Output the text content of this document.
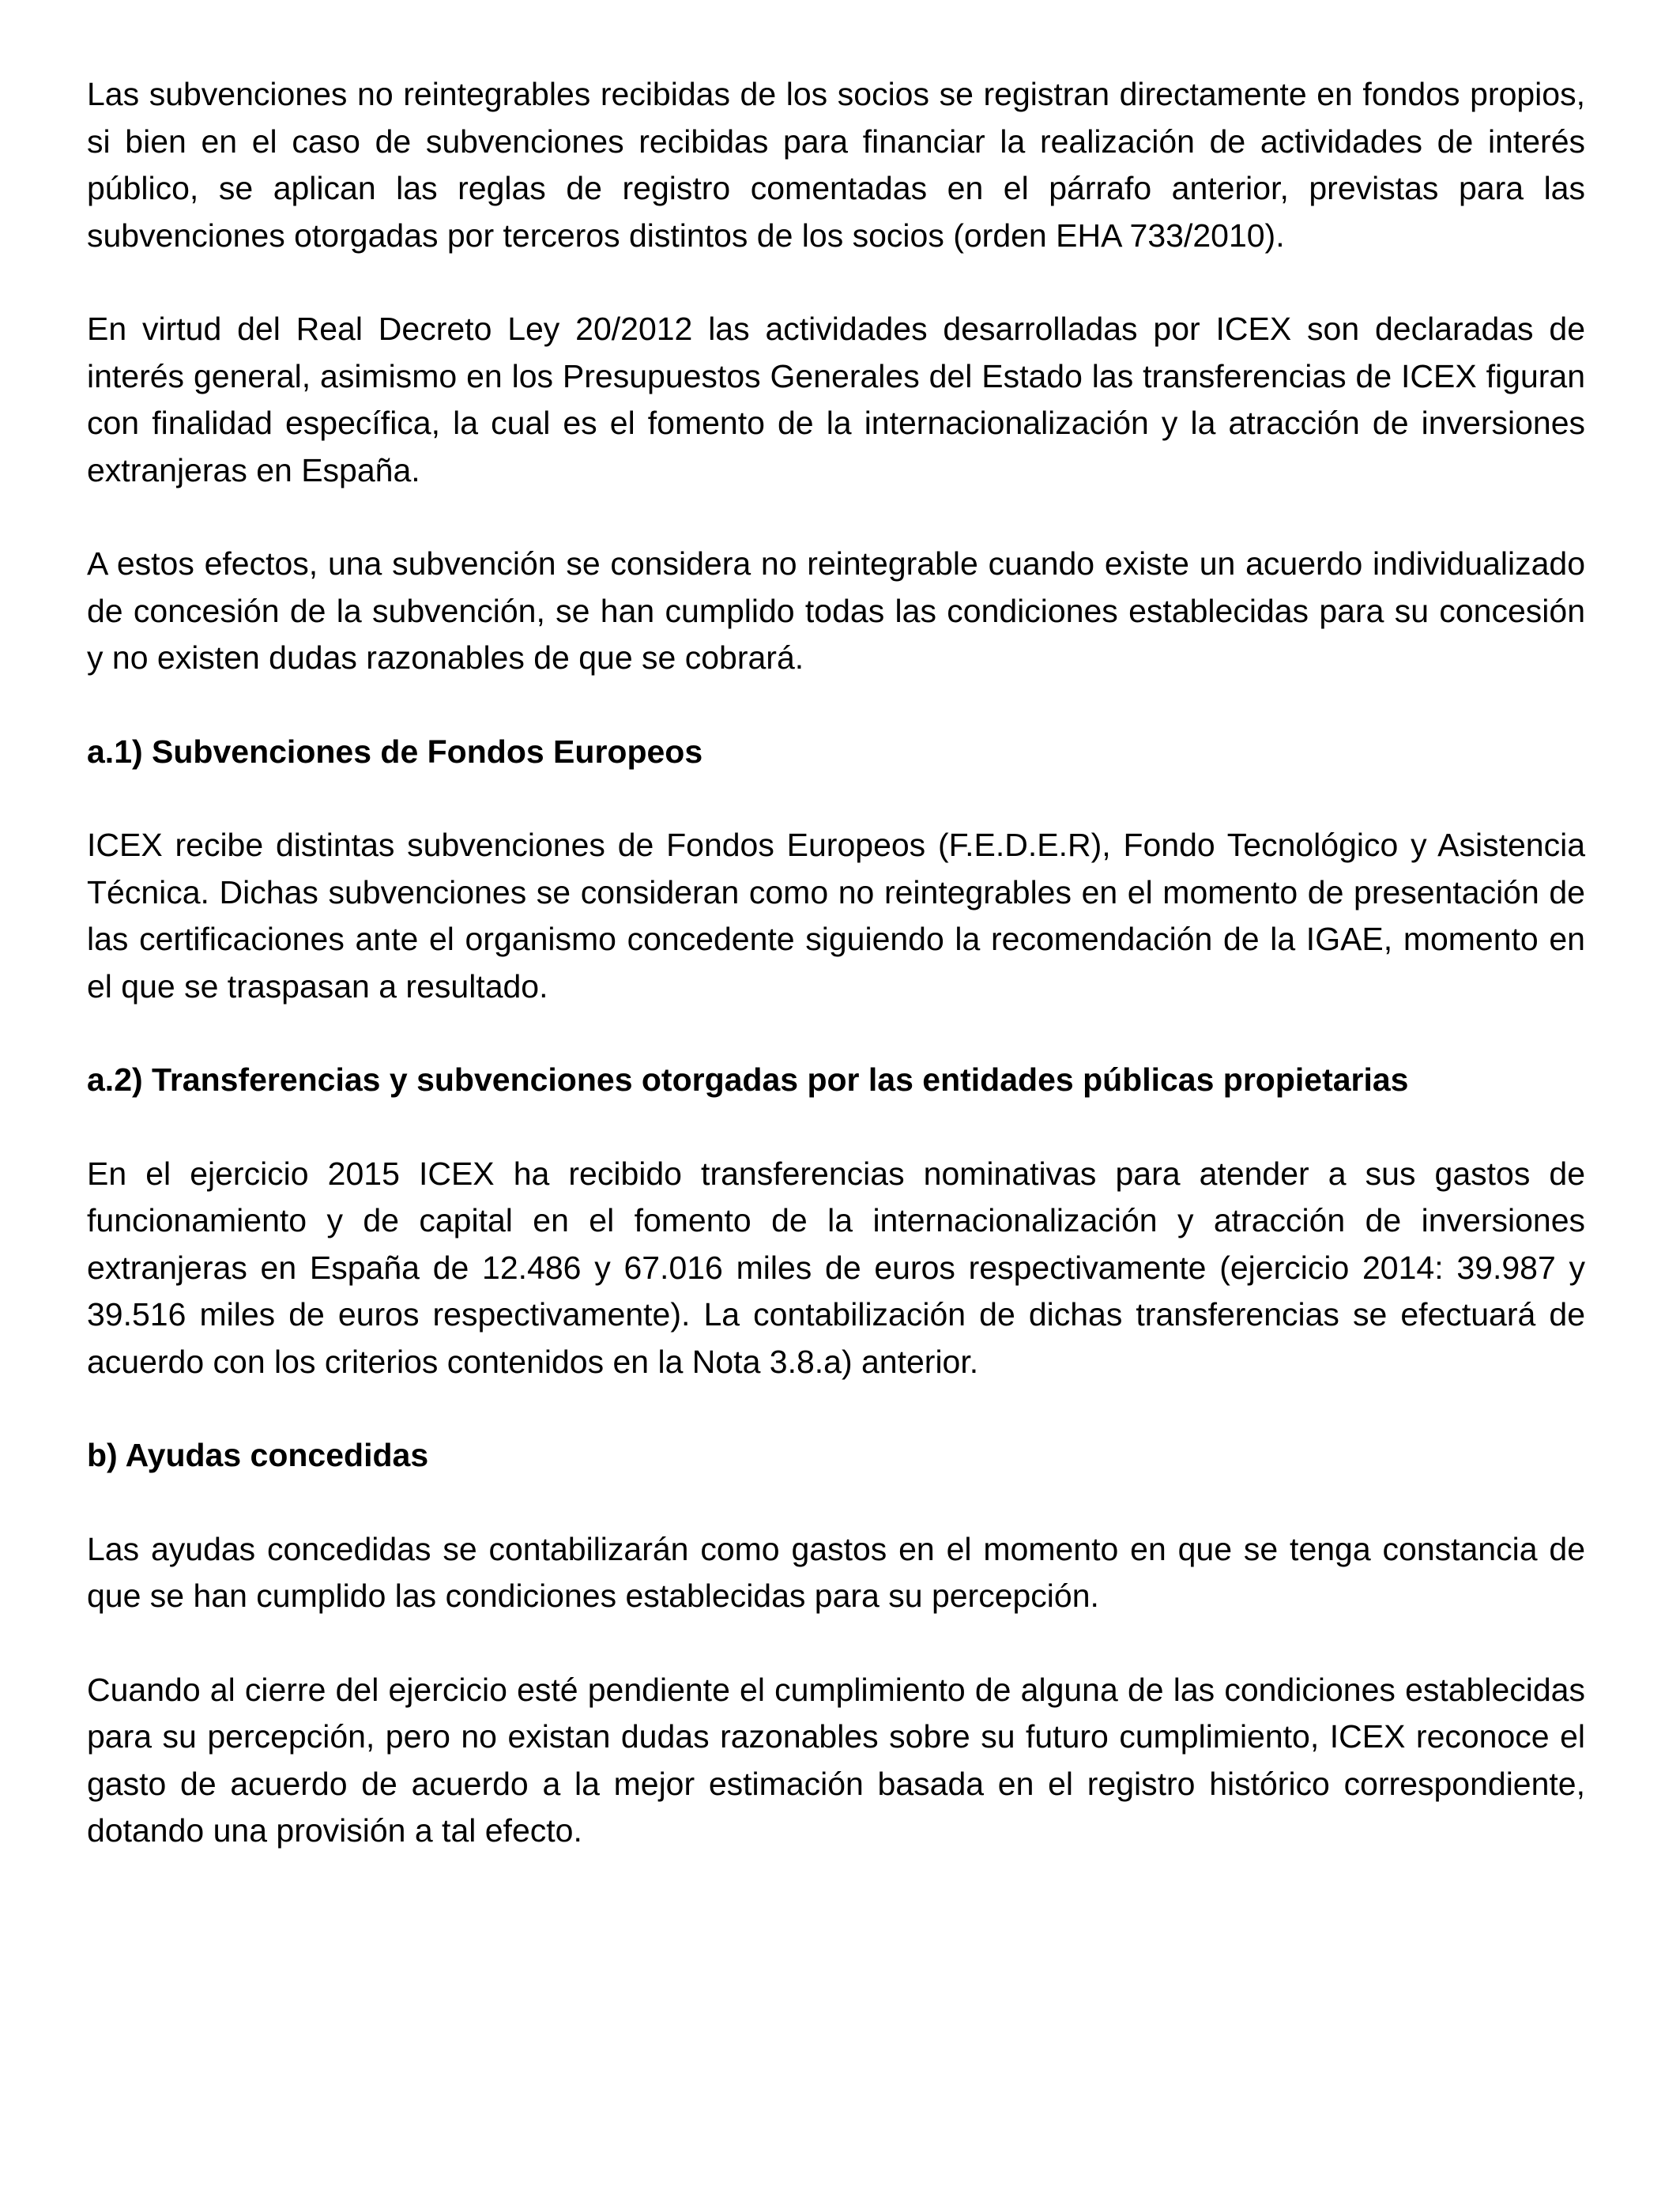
Las subvenciones no reintegrables recibidas de los socios se registran directamente en fondos propios, si bien en el caso de subvenciones recibidas para financiar la realización de actividades de interés público, se aplican las reglas de registro comentadas en el párrafo anterior, previstas para las subvenciones otorgadas por terceros distintos de los socios (orden EHA 733/2010).

En virtud del Real Decreto Ley 20/2012 las actividades desarrolladas por ICEX son declaradas de interés general, asimismo en los Presupuestos Generales del Estado las transferencias de ICEX figuran con finalidad específica, la cual es el fomento de la internacionalización y la atracción de inversiones extranjeras en España.

A estos efectos, una subvención se considera no reintegrable cuando existe un acuerdo individualizado de concesión de la subvención, se han cumplido todas las condiciones establecidas para su concesión y no existen dudas razonables de que se cobrará.

a.1) Subvenciones de Fondos Europeos

ICEX recibe distintas subvenciones de Fondos Europeos (F.E.D.E.R), Fondo Tecnológico y Asistencia Técnica. Dichas subvenciones se consideran como no reintegrables en el momento de presentación de las certificaciones ante el organismo concedente siguiendo la recomendación de la IGAE, momento en el que se traspasan a resultado.

a.2) Transferencias y subvenciones otorgadas por las entidades públicas propietarias

En el ejercicio 2015 ICEX ha recibido transferencias nominativas para atender a sus gastos de funcionamiento y de capital en el fomento de la internacionalización y atracción de inversiones extranjeras en España de 12.486 y 67.016 miles de euros respectivamente (ejercicio 2014: 39.987 y 39.516 miles de euros respectivamente). La contabilización de dichas transferencias se efectuará de acuerdo con los criterios contenidos en la Nota 3.8.a) anterior.

b) Ayudas concedidas

Las ayudas concedidas se contabilizarán como gastos en el momento en que se tenga constancia de que se han cumplido las condiciones establecidas para su percepción.

Cuando al cierre del ejercicio esté pendiente el cumplimiento de alguna de las condiciones establecidas para su percepción, pero no existan dudas razonables sobre su futuro cumplimiento, ICEX reconoce el gasto de acuerdo de acuerdo a la mejor estimación basada en el registro histórico correspondiente, dotando una provisión a tal efecto.
